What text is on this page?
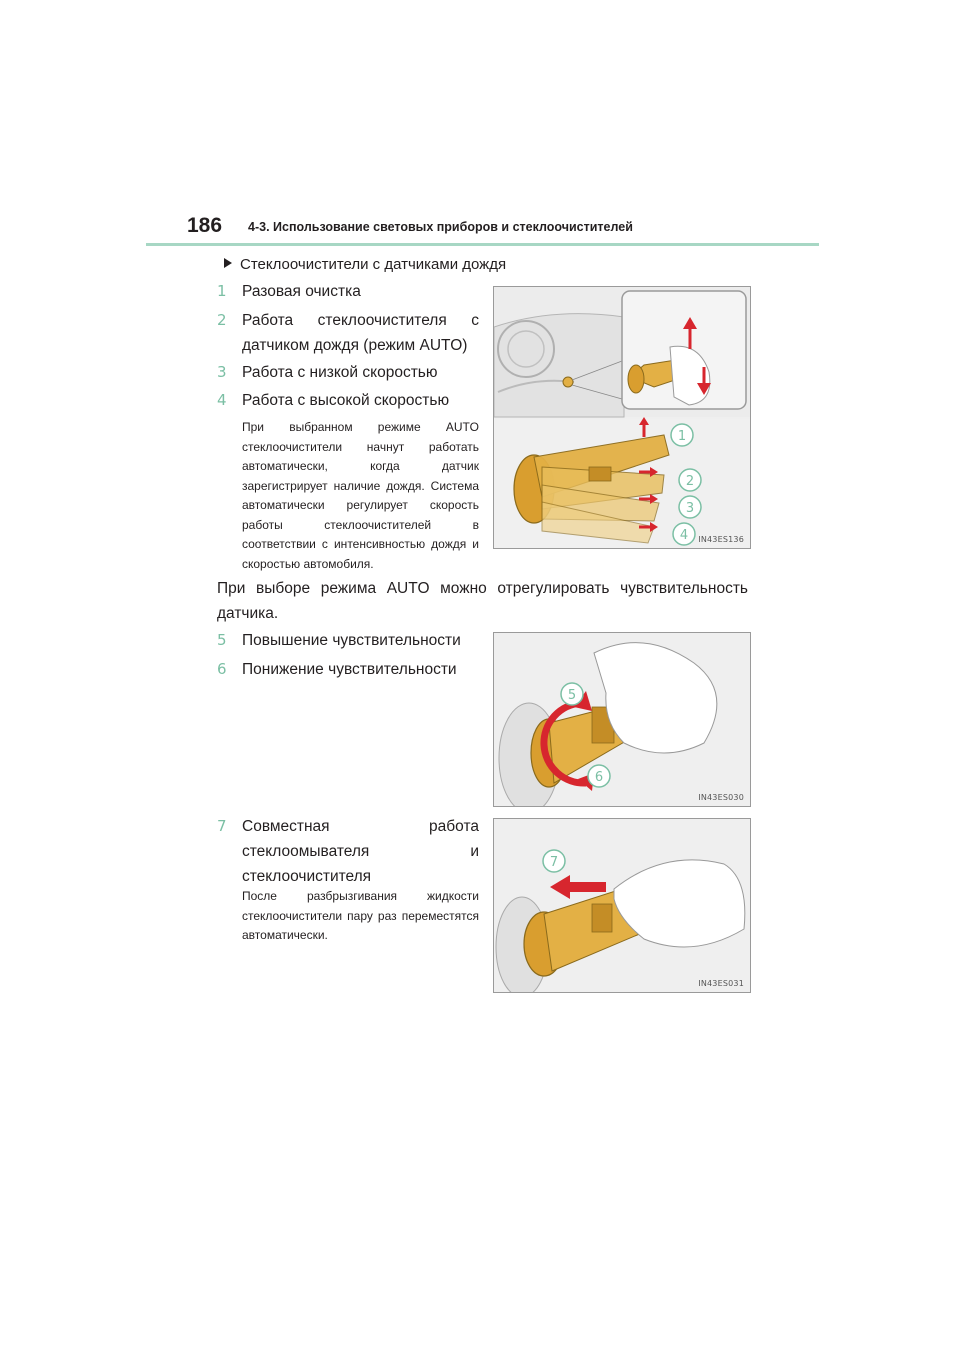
186 4-3. Использование световых приборов и стеклоочистителей
Стеклоочистители с датчиками дождя
1 Разовая очистка
2 Работа стеклоочистителя с
датчиком дождя (режим AUTO)
3 Работа с низкой скоростью
4 Работа с высокой скоростью
При выбранном режиме AUTO стеклоочистители начнут работать автоматически, когда датчик зарегистрирует наличие дождя. Система автоматически регулирует скорость работы стеклоочистителей в соответствии с интенсивностью дождя и скоростью автомобиля.
1
2
3
4 IN43ES136
При выборе режима AUTO можно отрегулировать чувствительность датчика.
5 Повышение чувствительности
6 Понижение чувствительности
5
6
IN43ES030
7 Совместная работа
стеклоомывателя и
стеклоочистителя
После разбрызгивания жидкости стеклоочистители пару раз переместятся автоматически.
7
IN43ES031
